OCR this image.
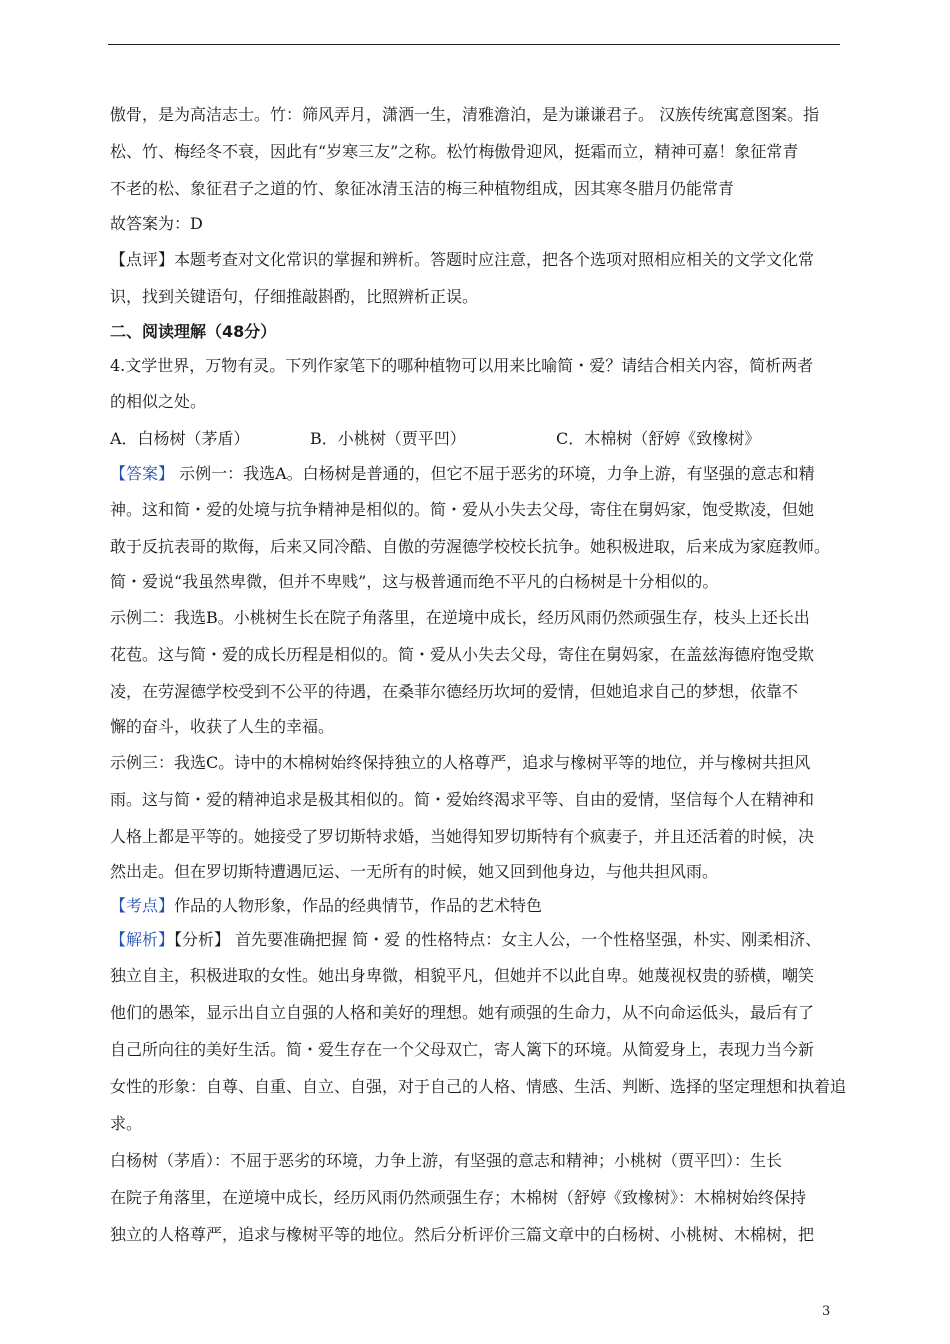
傲骨，是为高洁志士。竹：筛风弄月，潇洒一生，清雅澹泊，是为谦谦君子。 汉族传统寓意图案。指
松、竹、梅经冬不衰，因此有“岁寒三友”之称。松竹梅傲骨迎风，挺霜而立，精神可嘉！象征常青
不老的松、象征君子之道的竹、象征冰清玉洁的梅三种植物组成，因其寒冬腊月仍能常青
故答案为：D
【点评】本题考查对文化常识的掌握和辨析。答题时应注意，把各个选项对照相应相关的文学文化常
识，找到关键语句，仔细推敲斟酌，比照辨析正误。
二、阅读理解（48分）
4.文学世界，万物有灵。下列作家笔下的哪种植物可以用来比喻简・爱？请结合相关内容，简析两者
的相似之处。
A．白杨树（茅盾）	B．小桃树（贾平凹）	C．木棉树（舒婷《致橡树》
【答案】 示例一：我选A。白杨树是普通的，但它不屈于恶劣的环境，力争上游，有坚强的意志和精
神。这和简・爱的处境与抗争精神是相似的。简・爱从小失去父母，寄住在舅妈家，饱受欺凌，但她
敢于反抗表哥的欺侮，后来又同冷酷、自傲的劳渥德学校校长抗争。她积极进取，后来成为家庭教师。
简・爱说“我虽然卑微，但并不卑贱”，这与极普通而绝不平凡的白杨树是十分相似的。
示例二：我选B。小桃树生长在院子角落里，在逆境中成长，经历风雨仍然顽强生存，枝头上还长出
花苞。这与简・爱的成长历程是相似的。简・爱从小失去父母，寄住在舅妈家，在盖兹海德府饱受欺
凌，在劳渥德学校受到不公平的待遇，在桑菲尔德经历坎坷的爱情，但她追求自己的梦想，依靠不
懈的奋斗，收获了人生的幸福。
示例三：我选C。诗中的木棉树始终保持独立的人格尊严，追求与橡树平等的地位，并与橡树共担风
雨。这与简・爱的精神追求是极其相似的。简・爱始终渴求平等、自由的爱情，坚信每个人在精神和
人格上都是平等的。她接受了罗切斯特求婚，当她得知罗切斯特有个疯妻子，并且还活着的时候，决
然出走。但在罗切斯特遭遇厄运、一无所有的时候，她又回到他身边，与他共担风雨。
【考点】作品的人物形象，作品的经典情节，作品的艺术特色
【解析】【分析】 首先要准确把握 简・爱 的性格特点：女主人公，一个性格坚强，朴实、刚柔相济、
独立自主，积极进取的女性。她出身卑微，相貌平凡，但她并不以此自卑。她蔑视权贵的骄横，嘲笑
他们的愚笨，显示出自立自强的人格和美好的理想。她有顽强的生命力，从不向命运低头，最后有了
自己所向往的美好生活。简・爱生存在一个父母双亡，寄人篱下的环境。从简爱身上，表现力当今新
女性的形象：自尊、自重、自立、自强，对于自己的人格、情感、生活、判断、选择的坚定理想和执着追
求。
白杨树（茅盾）：不屈于恶劣的环境，力争上游，有坚强的意志和精神；小桃树（贾平凹）：生长
在院子角落里，在逆境中成长，经历风雨仍然顽强生存；木棉树（舒婷《致橡树》：木棉树始终保持
独立的人格尊严，追求与橡树平等的地位。然后分析评价三篇文章中的白杨树、小桃树、木棉树，把
3
